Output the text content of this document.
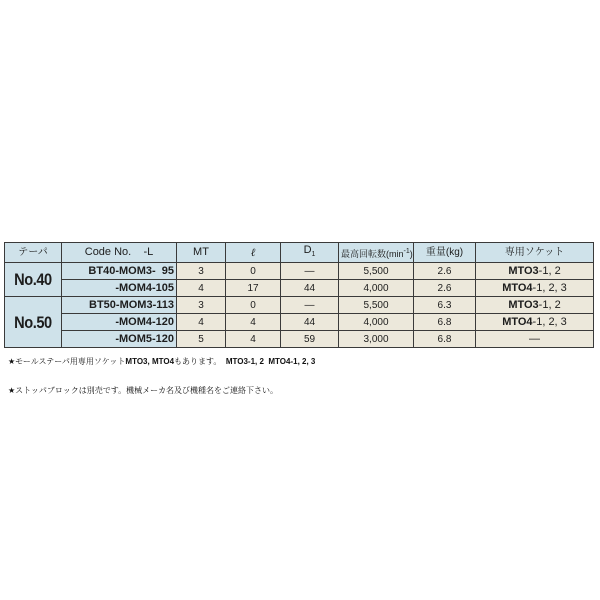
テーパ	Code No.    -L	MT	ℓ	$D_1$	最高回転数$(\min^{-1})$	重量(kg)	専用ソケット
No.40	BT40-MOM3-  95	3	0	—	5,500	2.6	MTO3-1, 2
	-MOM4-105	4	17	44	4,000	2.6	MTO4-1, 2, 3
No.50	BT50-MOM3-113	3	0	—	5,500	6.3	MTO3-1, 2
	-MOM4-120	4	4	44	4,000	6.8	MTO4-1, 2, 3
	-MOM5-120	5	4	59	3,000	6.8	—

★モールステーパ用専用ソケットMTO3, MTO4もあります。  MTO3-1, 2  MTO4-1, 2, 3

★ストッパブロックは別売です。機械メーカ名及び機種名をご連絡下さい。
